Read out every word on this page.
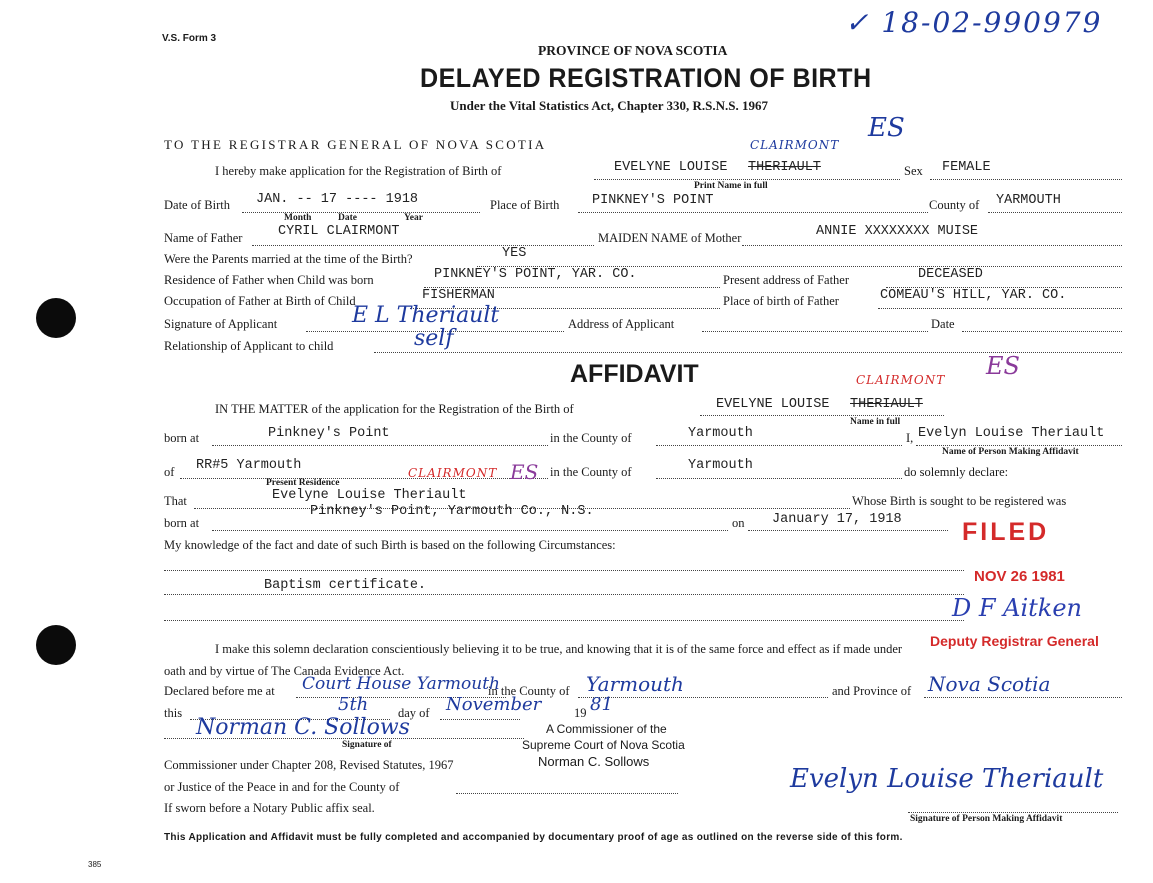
V.S. Form 3	✓ 18-02-990979
PROVINCE OF NOVA SCOTIA
DELAYED REGISTRATION OF BIRTH
Under the Vital Statistics Act, Chapter 330, R.S.N.S. 1967
TO THE REGISTRAR GENERAL OF NOVA SCOTIA
I hereby make application for the Registration of Birth of	EVELYNE LOUISE THERIAULT
CLAIRMONT
ES
Print Name in full
Sex FEMALE
Date of Birth JAN. -- 17 ---- 1918
Month	Date	Year
Place of Birth PINKNEY'S POINT	County of YARMOUTH
Name of Father	CYRIL CLAIRMONT	MAIDEN NAME of Mother	ANNIE XXXXXXXX MUISE
Were the Parents married at the time of the Birth?	YES
Residence of Father when Child was born	PINKNEY'S POINT, YAR. CO.	Present address of Father	DECEASED
Occupation of Father at Birth of Child	FISHERMAN	Place of birth of Father	COMEAU'S HILL, YAR. CO.
Signature of Applicant	E L Theriault	Address of Applicant	Date
Relationship of Applicant to child	self
AFFIDAVIT
IN THE MATTER of the application for the Registration of the Birth of	EVELYNE LOUISE THERIAULT
CLAIRMONT ES
Name in full
born at	Pinkney's Point	in the County of	Yarmouth	I, Evelyn Louise Theriault
Name of Person Making Affidavit
of RR#5 Yarmouth
Present Residence
in the County of	Yarmouth	do solemnly declare:
That	Evelyne Louise Theriault
CLAIRMONT ES
Whose Birth is sought to be registered was
born at
Pinkney's Point, Yarmouth Co., N.S.
on January 17, 1918
My knowledge of the fact and date of such Birth is based on the following Circumstances:
Baptism certificate.
I make this solemn declaration conscientiously believing it to be true, and knowing that it is of the same force and effect as if made under
oath and by virtue of The Canada Evidence Act.
Declared before me at Court House Yarmouth
in the County of Yarmouth	and Province of Nova Scotia
this	5th day of November	19 81
Norman C. Sollows
Signature of
A Commissioner of the
Supreme Court of Nova Scotia
Norman C. Sollows
Commissioner under Chapter 208, Revised Statutes, 1967
or Justice of the Peace in and for the County of
If sworn before a Notary Public affix seal.
Evelyn Louise Theriault
Signature of Person Making Affidavit
FILED
NOV 26 1981
D F Aitken
Deputy Registrar General
This Application and Affidavit must be fully completed and accompanied by documentary proof of age as outlined on the reverse side of this form.
385
